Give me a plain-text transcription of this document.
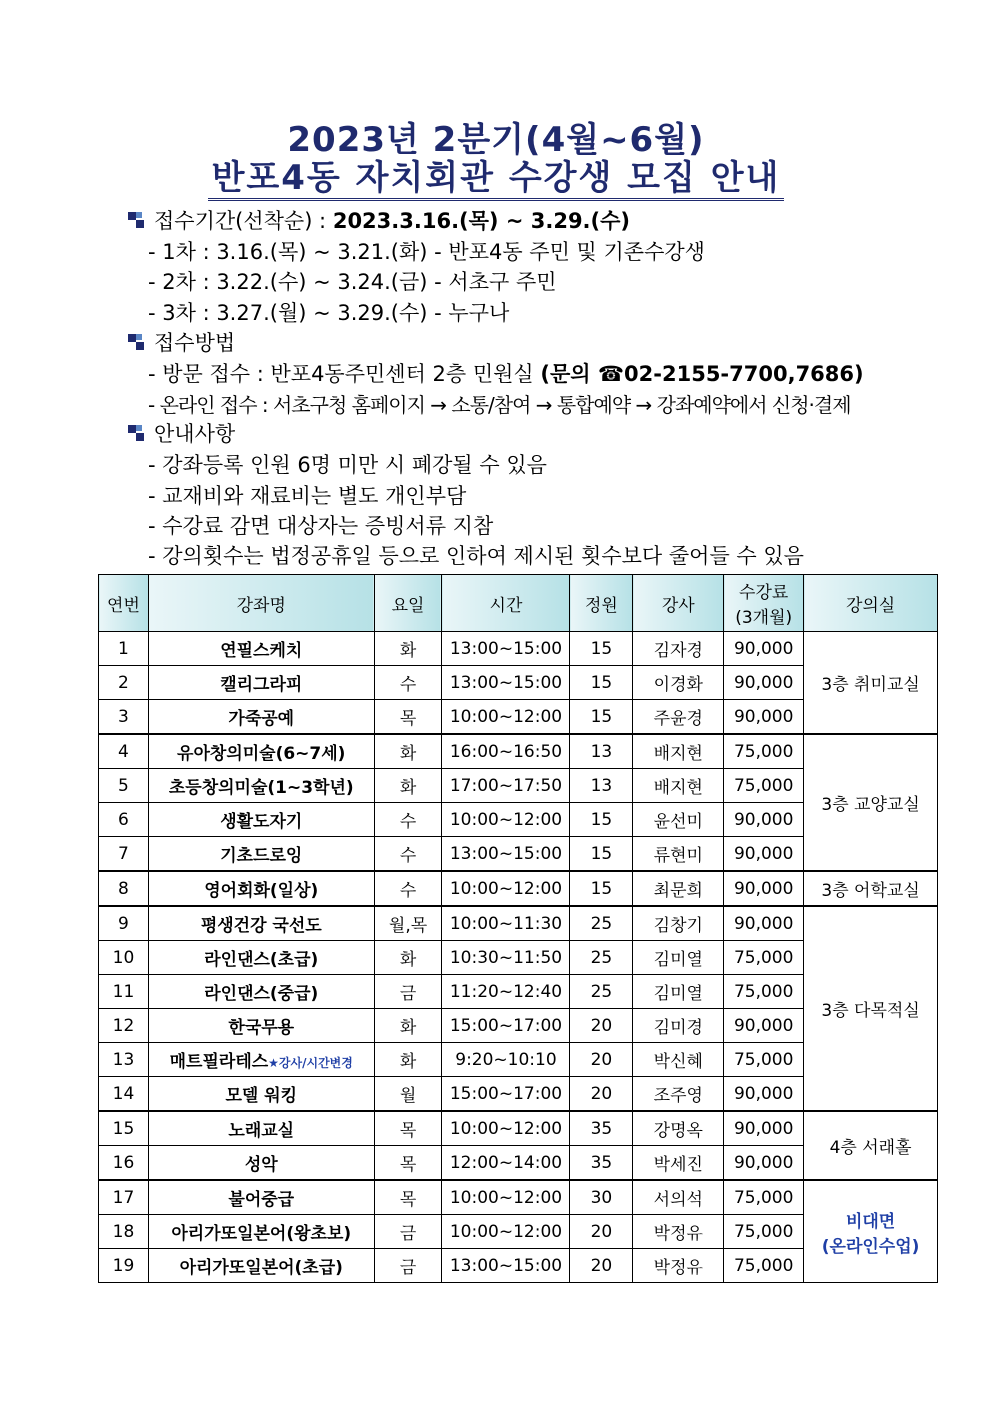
2023년 2분기(4월~6월)
반포4동 자치회관 수강생 모집 안내
접수기간(선착순) :
2023.3.16.(목) ~ 3.29.(수)
- 1차 : 3.16.(목) ~ 3.21.(화) - 반포4동 주민 및 기존수강생
- 2차 : 3.22.(수) ~ 3.24.(금) - 서초구 주민
- 3차 : 3.27.(월) ~ 3.29.(수) - 누구나
접수방법
- 방문 접수 : 반포4동주민센터 2층 민원실 (문의 ☎02-2155-7700,7686)
- 온라인 접수 : 서초구청 홈페이지 → 소통/참여 → 통합예약 → 강좌예약에서 신청·결제
안내사항
- 강좌등록 인원 6명 미만 시 폐강될 수 있음
- 교재비와 재료비는 별도 개인부담
- 수강료 감면 대상자는 증빙서류 지참
- 강의횟수는 법정공휴일 등으로 인하여 제시된 횟수보다 줄어들 수 있음
연번	강좌명	요일	시간	정원	강사	수강료
(3개월)	강의실
1	연필스케치	화	13:00~15:00	15	김자경	90,000	3층 취미교실
2	캘리그라피	수	13:00~15:00	15	이경화	90,000	
3	가죽공예	목	10:00~12:00	15	주윤경	90,000	
4	유아창의미술(6~7세)	화	16:00~16:50	13	배지현	75,000	3층 교양교실
5	초등창의미술(1~3학년)	화	17:00~17:50	13	배지현	75,000	
6	생활도자기	수	10:00~12:00	15	윤선미	90,000	
7	기초드로잉	수	13:00~15:00	15	류현미	90,000	
8	영어회화(일상)	수	10:00~12:00	15	최문희	90,000	3층 어학교실
9	평생건강 국선도	월,목	10:00~11:30	25	김창기	90,000	3층 다목적실
10	라인댄스(초급)	화	10:30~11:50	25	김미열	75,000	
11	라인댄스(중급)	금	11:20~12:40	25	김미열	75,000	
12	한국무용	화	15:00~17:00	20	김미경	90,000	
13	매트필라테스★강사/시간변경	화	9:20~10:10	20	박신혜	75,000	
14	모델 워킹	월	15:00~17:00	20	조주영	90,000	
15	노래교실	목	10:00~12:00	35	강명옥	90,000	4층 서래홀
16	성악	목	12:00~14:00	35	박세진	90,000	
17	불어중급	목	10:00~12:00	30	서의석	75,000	비대면
(온라인수업)
18	아리가또일본어(왕초보)	금	10:00~12:00	20	박정유	75,000	
19	아리가또일본어(초급)	금	13:00~15:00	20	박정유	75,000	
